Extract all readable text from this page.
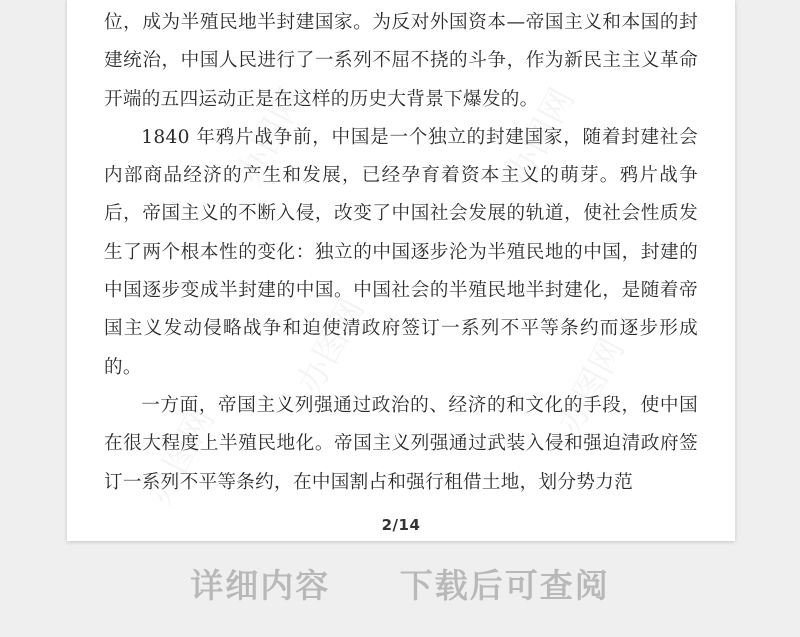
办图网	办图网
办图网	办图网
办图网

位，成为半殖民地半封建国家。为反对外国资本—帝国主义和本国的封建统治，中国人民进行了一系列不屈不挠的斗争，作为新民主主义革命开端的五四运动正是在这样的历史大背景下爆发的。

1840 年鸦片战争前，中国是一个独立的封建国家，随着封建社会内部商品经济的产生和发展，已经孕育着资本主义的萌芽。鸦片战争后，帝国主义的不断入侵，改变了中国社会发展的轨道，使社会性质发生了两个根本性的变化：独立的中国逐步沦为半殖民地的中国，封建的中国逐步变成半封建的中国。中国社会的半殖民地半封建化，是随着帝国主义发动侵略战争和迫使清政府签订一系列不平等条约而逐步形成的。

一方面，帝国主义列强通过政治的、经济的和文化的手段，使中国在很大程度上半殖民地化。帝国主义列强通过武装入侵和强迫清政府签订一系列不平等条约，在中国割占和强行租借土地，划分势力范

2/14
详细内容 下载后可查阅
